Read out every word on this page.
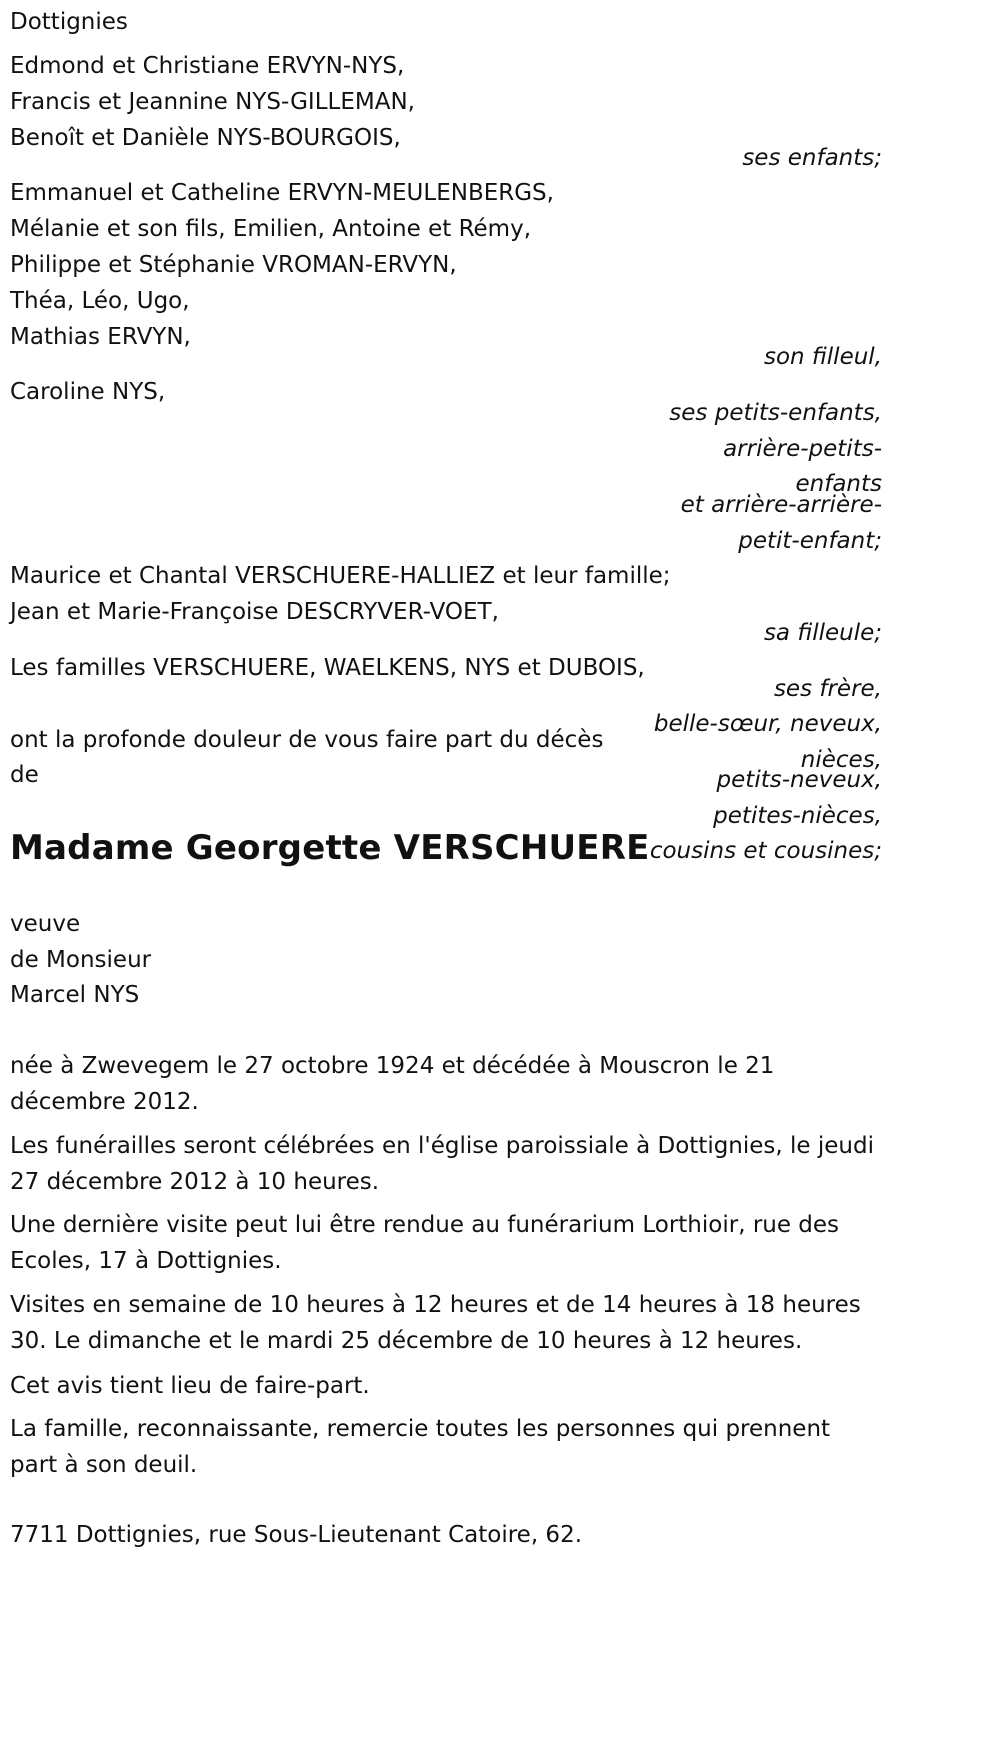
Dottignies
Edmond et Christiane ERVYN-NYS,
Francis et Jeannine NYS-GILLEMAN,
Benoît et Danièle NYS-BOURGOIS,
ses enfants;
Emmanuel et Catheline ERVYN-MEULENBERGS,
Mélanie et son fils, Emilien, Antoine et Rémy,
Philippe et Stéphanie VROMAN-ERVYN,
Théa, Léo, Ugo,
Mathias ERVYN,
son filleul,
Caroline NYS,
ses petits-enfants,
arrière-petits-
enfants
et arrière-arrière-
petit-enfant;
Maurice et Chantal VERSCHUERE-HALLIEZ et leur famille;
Jean et Marie-Françoise DESCRYVER-VOET,
sa filleule;
Les familles VERSCHUERE, WAELKENS, NYS et DUBOIS,
ses frère,
belle-sœur, neveux,
nièces,
petits-neveux,
petites-nièces,
cousins et cousines;
ont la profonde douleur de vous faire part du décès
de
Madame Georgette VERSCHUERE
veuve
de Monsieur
Marcel NYS
née à Zwevegem le 27 octobre 1924 et décédée à Mouscron le 21 décembre 2012.
Les funérailles seront célébrées en l'église paroissiale à Dottignies, le jeudi 27 décembre 2012 à 10 heures.
Une dernière visite peut lui être rendue au funérarium Lorthioir, rue des Ecoles, 17 à Dottignies.
Visites en semaine de 10 heures à 12 heures et de 14 heures à 18 heures 30. Le dimanche et le mardi 25 décembre de 10 heures à 12 heures.
Cet avis tient lieu de faire-part.
La famille, reconnaissante, remercie toutes les personnes qui prennent part à son deuil.
7711 Dottignies, rue Sous-Lieutenant Catoire, 62.
